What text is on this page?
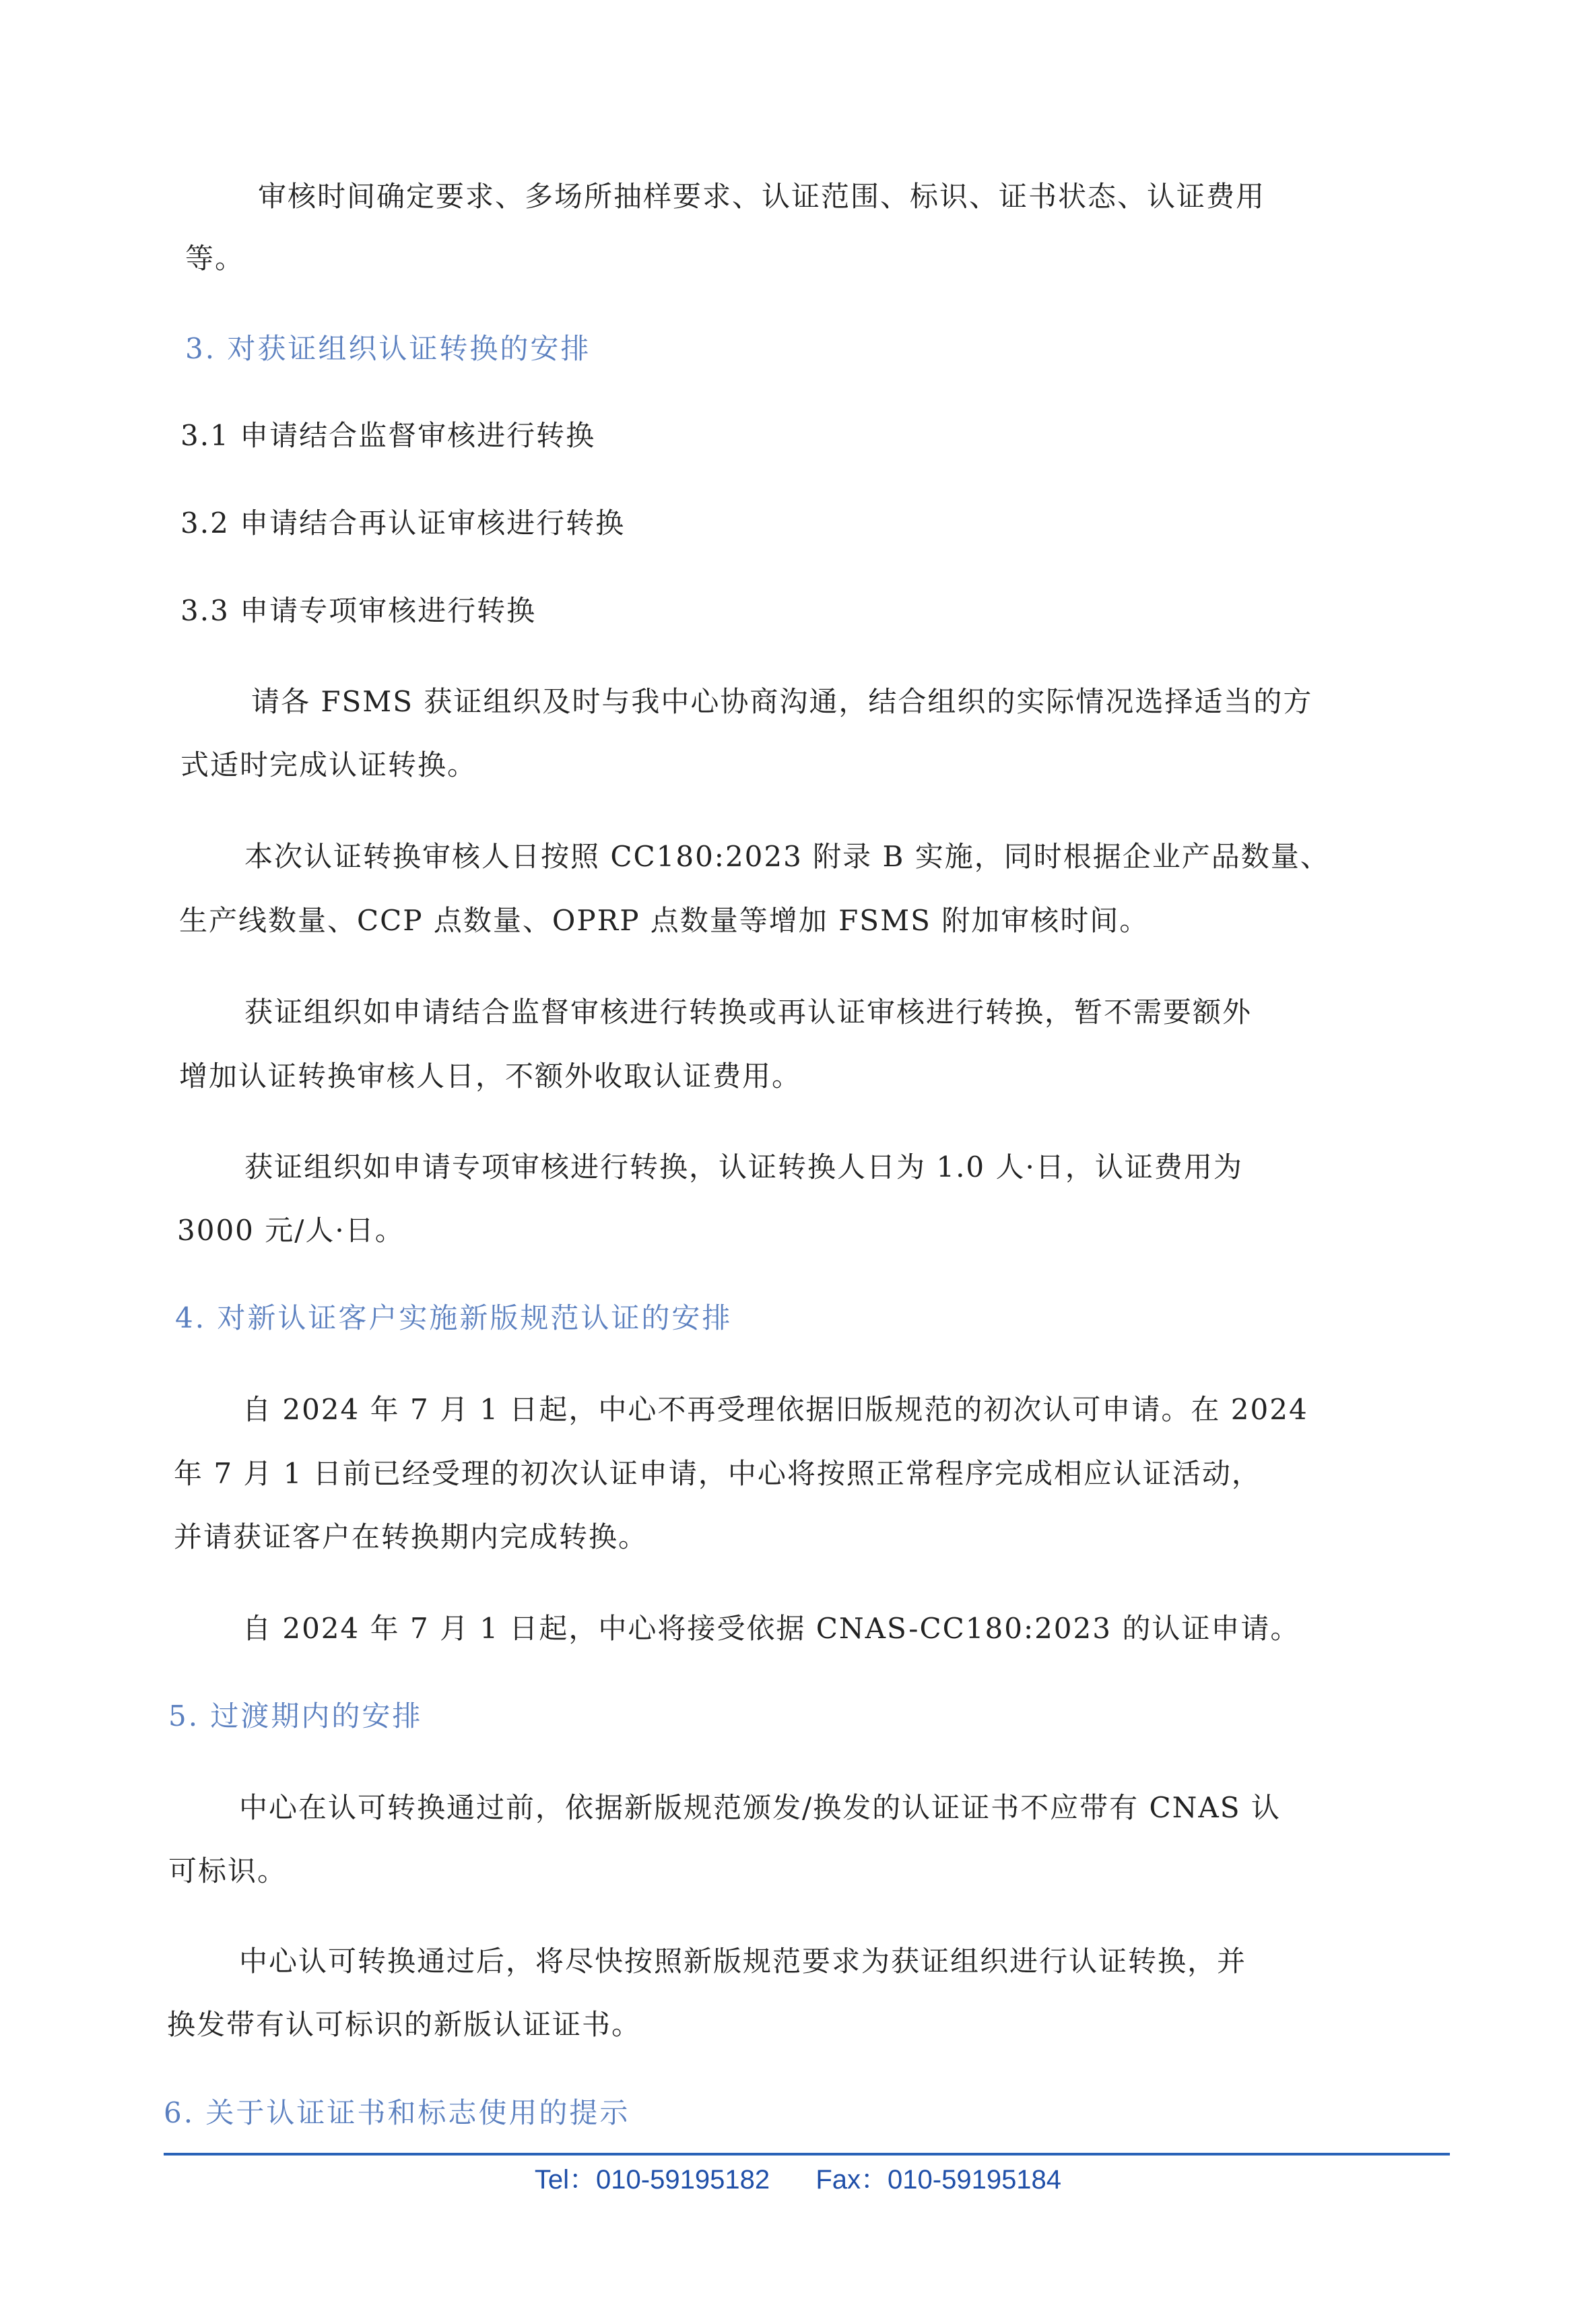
审核时间确定要求、多场所抽样要求、认证范围、标识、证书状态、认证费用
等。
3. 对获证组织认证转换的安排
3.1 申请结合监督审核进行转换
3.2 申请结合再认证审核进行转换
3.3 申请专项审核进行转换
请各 FSMS 获证组织及时与我中心协商沟通，结合组织的实际情况选择适当的方
式适时完成认证转换。
本次认证转换审核人日按照 CC180:2023 附录 B 实施，同时根据企业产品数量、
生产线数量、CCP 点数量、OPRP 点数量等增加 FSMS 附加审核时间。
获证组织如申请结合监督审核进行转换或再认证审核进行转换，暂不需要额外
增加认证转换审核人日，不额外收取认证费用。
获证组织如申请专项审核进行转换，认证转换人日为 1.0 人·日，认证费用为
3000 元/人·日。
4. 对新认证客户实施新版规范认证的安排
自 2024 年 7 月 1 日起，中心不再受理依据旧版规范的初次认可申请。在 2024
年 7 月 1 日前已经受理的初次认证申请，中心将按照正常程序完成相应认证活动，
并请获证客户在转换期内完成转换。
自 2024 年 7 月 1 日起，中心将接受依据 CNAS-CC180:2023 的认证申请。
5. 过渡期内的安排
中心在认可转换通过前，依据新版规范颁发/换发的认证证书不应带有 CNAS 认
可标识。
中心认可转换通过后，将尽快按照新版规范要求为获证组织进行认证转换，并
换发带有认可标识的新版认证证书。
6. 关于认证证书和标志使用的提示
Tel：010-59195182 Fax：010-59195184
